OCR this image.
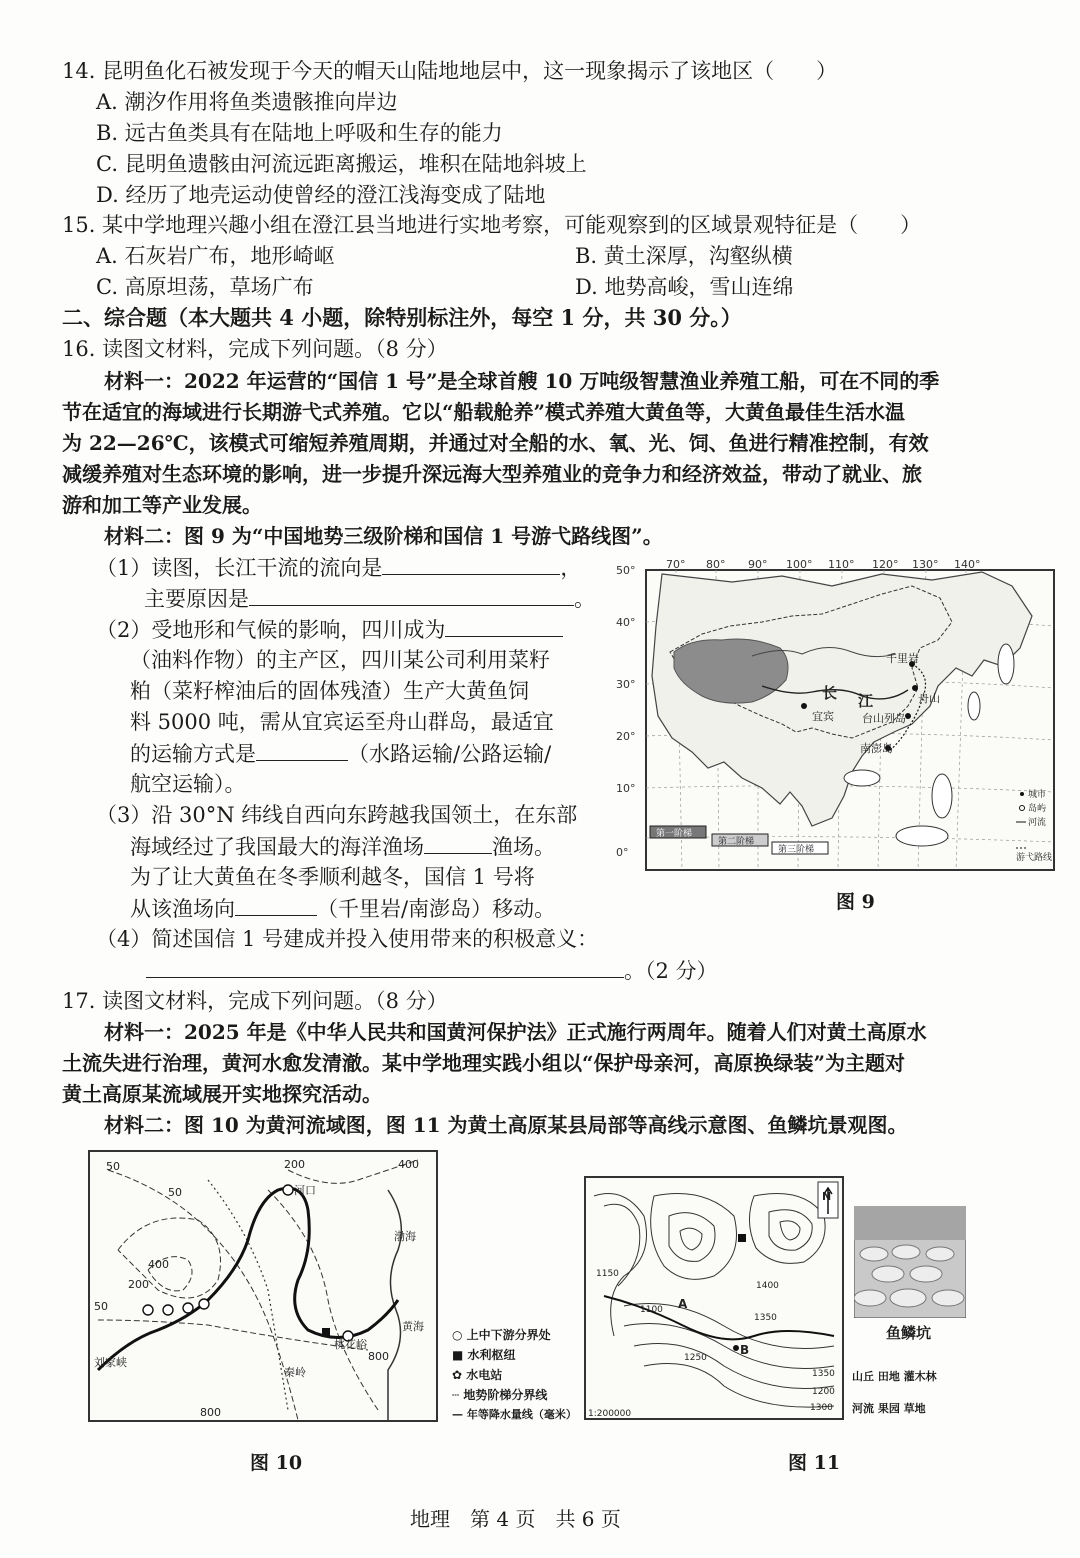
14. 昆明鱼化石被发现于今天的帽天山陆地地层中，这一现象揭示了该地区（　　）
A. 潮汐作用将鱼类遗骸推向岸边
B. 远古鱼类具有在陆地上呼吸和生存的能力
C. 昆明鱼遗骸由河流远距离搬运，堆积在陆地斜坡上
D. 经历了地壳运动使曾经的澄江浅海变成了陆地
15. 某中学地理兴趣小组在澄江县当地进行实地考察，可能观察到的区域景观特征是（　　）
A. 石灰岩广布，地形崎岖	B. 黄土深厚，沟壑纵横
C. 高原坦荡，草场广布	D. 地势高峻，雪山连绵
二、综合题（本大题共 4 小题，除特别标注外，每空 1 分，共 30 分。）
16. 读图文材料，完成下列问题。（8 分）
材料一：2022 年运营的“国信 1 号”是全球首艘 10 万吨级智慧渔业养殖工船，可在不同的季
节在适宜的海域进行长期游弋式养殖。它以“船载舱养”模式养殖大黄鱼等，大黄鱼最佳生活水温
为 22—26℃，该模式可缩短养殖周期，并通过对全船的水、氧、光、饲、鱼进行精准控制，有效
减缓养殖对生态环境的影响，进一步提升深远海大型养殖业的竞争力和经济效益，带动了就业、旅
游和加工等产业发展。
材料二：图 9 为“中国地势三级阶梯和国信 1 号游弋路线图”。
（1）读图，长江干流的流向是	，
主要原因是	。
（2）受地形和气候的影响，四川成为
（油料作物）的主产区，四川某公司利用菜籽
粕（菜籽榨油后的固体残渣）生产大黄鱼饲
料 5000 吨，需从宜宾运至舟山群岛，最适宜
的运输方式是	（水路运输/公路运输/
航空运输）。
（3）沿 30°N 纬线自西向东跨越我国领土，在东部
海域经过了我国最大的海洋渔场	渔场。
为了让大黄鱼在冬季顺利越冬，国信 1 号将
从该渔场向	（千里岩/南澎岛）移动。
（4）简述国信 1 号建成并投入使用带来的积极意义：
。（2 分）
千里岩
长 江	舟山
宜宾	台山列岛
南澎岛
第一阶梯
第二阶梯
第三阶梯
70° 80° 90° 100° 110° 120° 130° 140°
50°
40°
30°
20°
10°
0°
城市
岛屿
河流
游弋路线
图 9
17. 读图文材料，完成下列问题。（8 分）
材料一：2025 年是《中华人民共和国黄河保护法》正式施行两周年。随着人们对黄土高原水
土流失进行治理，黄河水愈发清澈。某中学地理实践小组以“保护母亲河，高原换绿装”为主题对
黄土高原某流域展开实地探究活动。
材料二：图 10 为黄河流域图，图 11 为黄土高原某县局部等高线示意图、鱼鳞坑景观图。
50
50
50
200
200
400
400
800
800
河口
渤海
黄海
桃花峪
秦岭
刘家峡
○ 上中下游分界处
■ 水利枢纽
✿ 水电站
┄ 地势阶梯分界线
— 年等降水量线（毫米）
图 10
1150
1100
1350
1400
1250
1200
1300
1350
1:200000
A
B
N
鱼鳞坑
山丘 田地 灌木林
河流 果园 草地
图 11
地理　第 4 页　共 6 页
